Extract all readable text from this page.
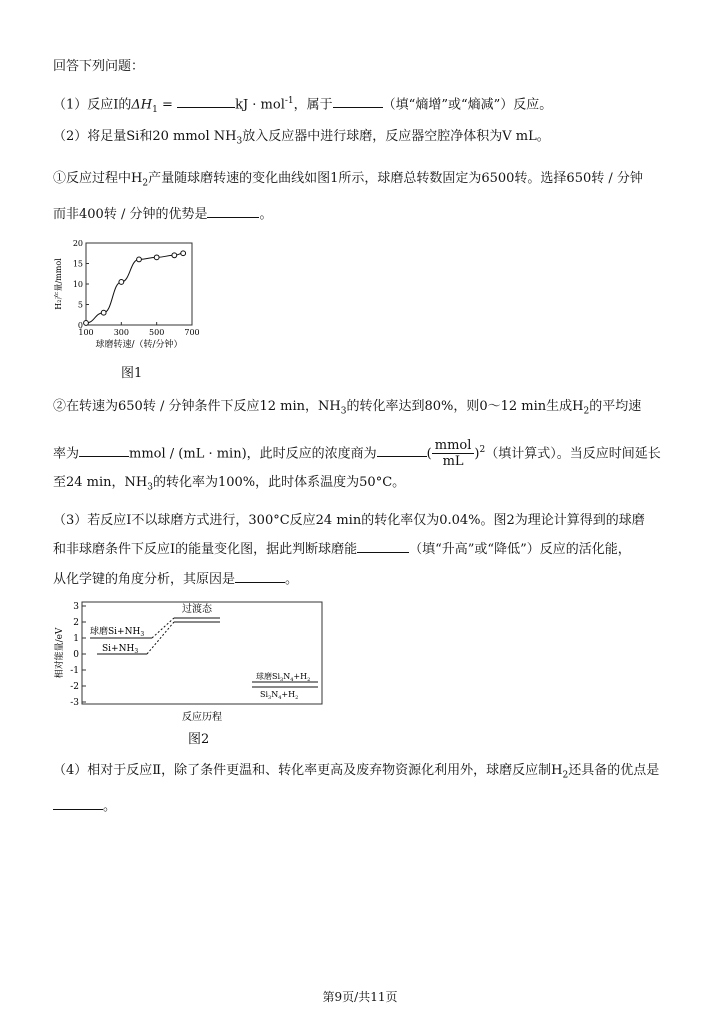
回答下列问题：
（1）反应Ⅰ的$\Delta H_1$ =	kJ · mol$^{-1}$，属于	（填“熵增”或“熵减”）反应。
（2）将足量Si和20 mmol $NH_3$放入反应器中进行球磨，反应器空腔净体积为V mL。
①反应过程中$H_2$产量随球磨转速的变化曲线如图1所示，球磨总转数固定为6500转。选择650转 / 分钟
而非400转 / 分钟的优势是	。
0
5
10
15
20
100	300	500	700
球磨转速/（转/分钟）
H₂产量/mmol
图1
②在转速为650转 / 分钟条件下反应12 min，$NH_3$的转化率达到80%，则0～12 min生成$H_2$的平均速
率为	mmol / (mL · min)，此时反应的浓度商为	( $\frac{\text{mmol}}{mL} )^2$（填计算式）。当反应时间延长
至24 min，$NH_3$的转化率为100%，此时体系温度为50°C。
（3）若反应Ⅰ不以球磨方式进行，300°C反应24 min的转化率仅为0.04%。图2为理论计算得到的球磨
和非球磨条件下反应Ⅰ的能量变化图，据此判断球磨能	（填“升高”或“降低”）反应的活化能，
从化学键的角度分析，其原因是	。
3
2
1
0
-1
-2
-3
相对能量/eV
过渡态
球磨$Si+NH_3$
$Si+NH_3$
球磨$Si_3N_4+H_2$
$Si_3N_4+H_2$
反应历程
图2
（4）相对于反应Ⅱ，除了条件更温和、转化率更高及废弃物资源化利用外，球磨反应制$H_2$还具备的优点是
。
第9页/共11页
